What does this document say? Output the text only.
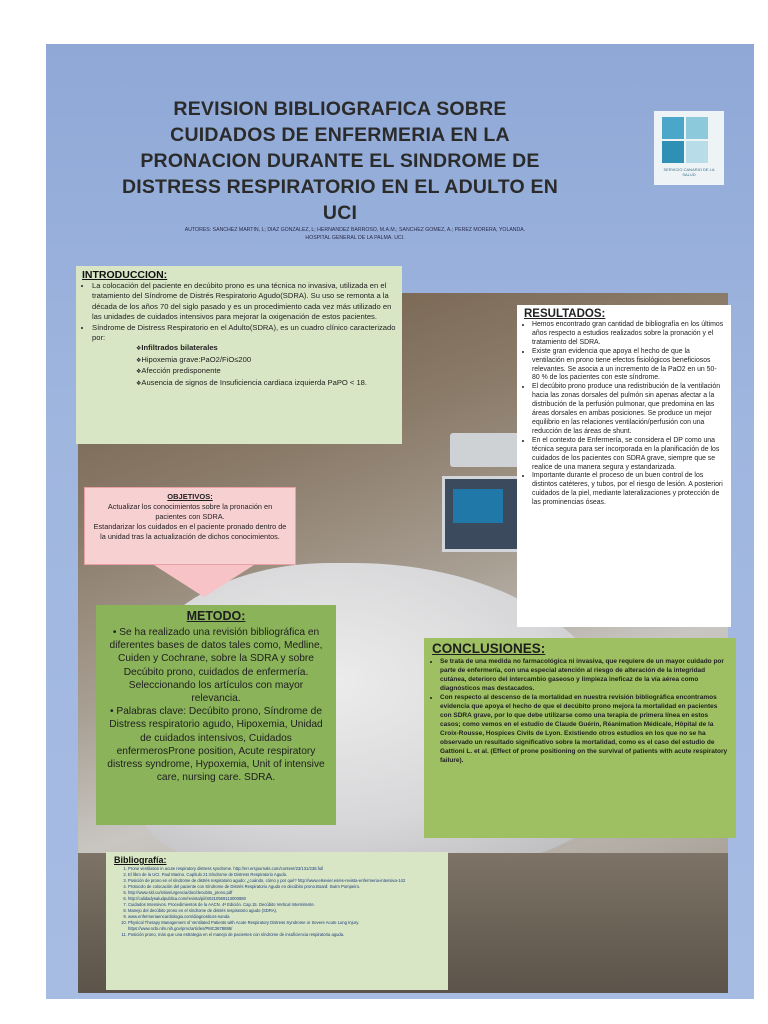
REVISION BIBLIOGRAFICA SOBRE
CUIDADOS DE ENFERMERIA EN LA
PRONACION DURANTE EL SINDROME DE
DISTRESS RESPIRATORIO EN EL ADULTO EN
UCI
AUTORES: SANCHEZ MARTIN, L; DIAZ GONZALEZ, L; HERNANDEZ BARROSO, M.A.M.; SANCHEZ GOMEZ, A.; PEREZ MORERA, YOLANDA.
HOSPITAL GENERAL DE LA PALMA. UCI.
SERVICIO CANARIO DE LA SALUD
INTRODUCCION:
• La colocación del paciente en decúbito prono es una técnica no invasiva, utilizada en el tratamiento del Síndrome de Distrés Respiratorio Agudo(SDRA). Su uso se remonta a la década de los años 70 del siglo pasado y es un procedimiento cada vez más utilizado en las unidades de cuidados intensivos para mejorar la oxigenación de estos pacientes.
• Síndrome de Distress Respiratorio en el Adulto(SDRA), es un cuadro clínico caracterizado por:
❖ Infiltrados bilaterales
❖ Hipoxemia grave:PaO2/FiO≤200
❖ Afección predisponente
❖ Ausencia de signos de Insuficiencia cardiaca izquierda PaPO < 18.
OBJETIVOS:
Actualizar los conocimientos sobre la pronación en pacientes con SDRA.
Estandarizar los cuidados en el paciente pronado dentro de la unidad tras la actualización de dichos conocimientos.
METODO:

• Se ha realizado una revisión bibliográfica en diferentes bases de datos tales como, Medline, Cuiden y Cochrane, sobre la SDRA y sobre Decúbito prono, cuidados de enfermería. Seleccionando los artículos con mayor relevancia.

• Palabras clave: Decúbito prono, Síndrome de Distress respiratorio agudo, Hipoxemia, Unidad de cuidados intensivos, Cuidados enfermerosProne position, Acute respiratory distress syndrome, Hypoxemia, Unit of intensive care, nursing care. SDRA.

RESULTADOS:
• Hemos encontrado gran cantidad de bibliografía en los últimos años respecto a estudios realizados sobre la pronación y el tratamiento del SDRA.
• Existe gran evidencia que apoya el hecho de que la ventilación en prono tiene efectos fisiológicos beneficiosos relevantes. Se asocia a un incremento de la PaO2 en un 50-80 % de los pacientes con este síndrome.
• El decúbito prono produce una redistribución de la ventilación hacia las zonas dorsales del pulmón sin apenas afectar a la distribución de la perfusión pulmonar, que predomina en las áreas dorsales en ambas posiciones. Se produce un mejor equilibrio en las relaciones ventilación/perfusión con una reducción de las áreas de shunt.
• En el contexto de Enfermería, se considera el DP como una técnica segura para ser incorporada en la planificación de los cuidados de los pacientes con SDRA grave, siempre que se realice de una manera segura y estandarizada.
• Importante durante el proceso de un buen control de los distintos catéteres, y tubos, por el riesgo de lesión. A posteriori cuidados de la piel, mediante lateralizaciones y protección de las prominencias óseas.
CONCLUSIONES:
• Se trata de una medida no farmacológica ni invasiva, que requiere de un mayor cuidado por parte de enfermería, con una especial atención al riesgo de alteración de la integridad cutánea, deterioro del intercambio gaseoso y limpieza ineficaz de la vía aérea como diagnósticos mas destacados.
• Con respecto al descenso de la mortalidad en nuestra revisión bibliográfica encontramos evidencia que apoya el hecho de que el decúbito prono mejora la mortalidad en pacientes con SDRA grave, por lo que debe utilizarse como una terapia de primera línea en estos casos; como vemos en el estudio de Claude Guérin, Réanimation Médicale, Hôpital de la Croix-Rousse, Hospices Civils de Lyon. Existiendo otros estudios en los que no se ha observado un resultado significativo sobre la mortalidad, como es el caso del estudio de Gattioni L. et al. (Effect of prone positioning on the survival of patients with acute respiratory failure).
Bibliografía:
1. Prone ventilation in acute respiratory distress syndrome. http://err.ersjournals.com/content/23/131/238.full
2. El libro de la UCI. Paul Marino. Capítulo 21:Síndrome de Distress Respiratorio Agudo.
3. Posición de prono en el síndrome de distrés respiratorio agudo: ¿cuándo, cómo y por qué? http://www.elsevier.es/es-revista-enfermeria-intensiva-142
4. Protocolo de colocación del paciente con Síndrome de Distrés Respiratorio Agudo en decúbito prono.Board: Swim Pompeiro.
5. http://www.sld.cu/sitios/urgencia/doc/decubito_prono.pdf
6. http://calidadysaludpublica.com/revista/pii/S0210569113000880
7. Cuidados Intensivos. Procedimientos de la AACN. 4ª Edición. Cap.15. Decúbito Vertical Intermitente.
8. Manejo del decúbito prono en el síndrome de distrés respiratorio agudo (SDRA).
9. www.enfermeriaencardiologia.com/diagnosticos-nanda
10. Physical Therapy Management of Ventilated Patients with Acute Respiratory Distress Syndrome or Severe Acute Lung Injury. https://www.ncbi.nlm.nih.gov/pmc/articles/PMC3678886/
11. Posición prono, más que una estrategia en el manejo de pacientes con síndrome de insuficiencia respiratoria aguda.
